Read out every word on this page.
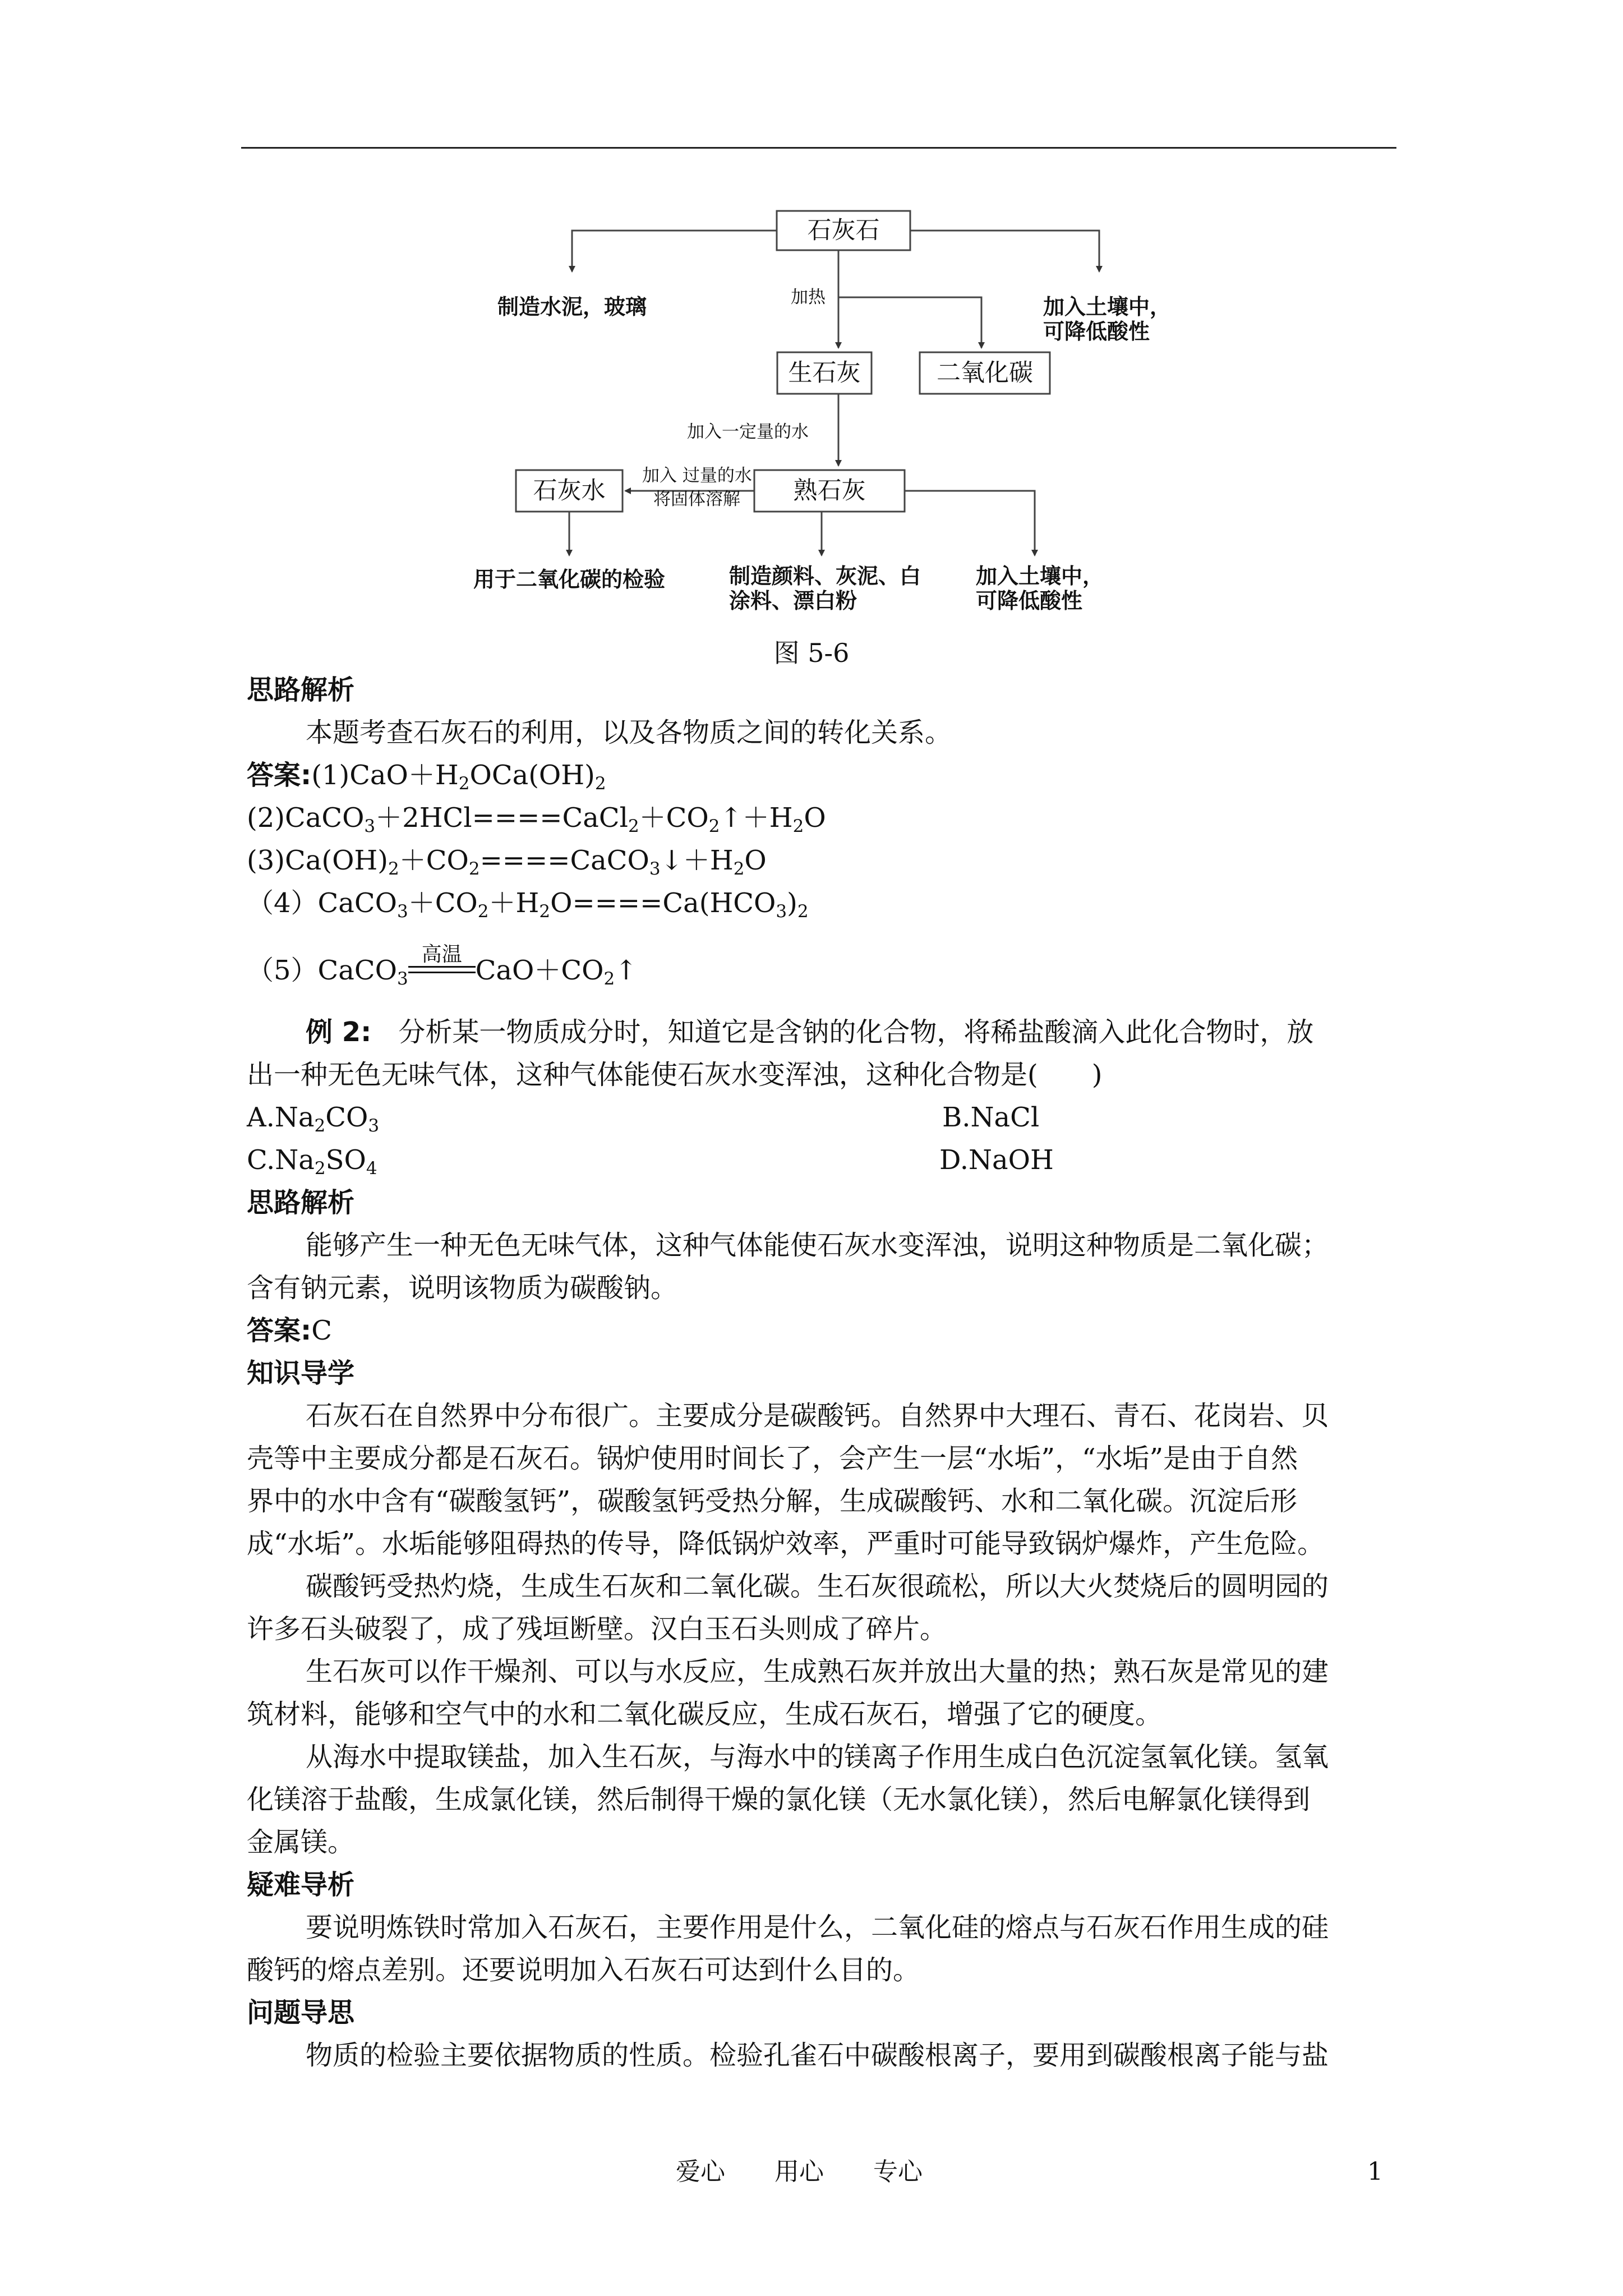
石灰石
加热
制造水泥，玻璃	加入土壤中，
可降低酸性
生石灰	二氧化碳
加入一定量的水
加入 过量的水
将固体溶解
石灰水	熟石灰
用于二氧化碳的检验	制造颜料、灰泥、白
涂料、漂白粉
加入土壤中，
可降低酸性
图 5-6
思路解析
本题考查石灰石的利用，以及各物质之间的转化关系。
答案$:(1)CaO+H_2OCa(OH)_2$
$(2)CaCO_3+2HCl====CaCl_2+CO_2↑+H_2O$
$(3)Ca(OH)_2+CO_2====CaCO_3↓+H_2O$
$(4)CaCO_3+CO_2+H_2O====Ca(HCO_3)_2$
（5）CaCO$_3$
高温
$CaO+CO_2↑$
例 2:　 分析某一物质成分时，知道它是含钠的化合物，将稀盐酸滴入此化合物时，放
出一种无色无味气体，这种气体能使石灰水变浑浊，这种化合物是(　　)
$A.Na_2CO_3$	B.NaCl
$C.Na_2SO_4$	D.NaOH
思路解析
能够产生一种无色无味气体，这种气体能使石灰水变浑浊，说明这种物质是二氧化碳；
含有钠元素，说明该物质为碳酸钠。
答案:C
知识导学
石灰石在自然界中分布很广。主要成分是碳酸钙。自然界中大理石、青石、花岗岩、贝
壳等中主要成分都是石灰石。锅炉使用时间长了，会产生一层“水垢”，“水垢”是由于自然
界中的水中含有“碳酸氢钙”，碳酸氢钙受热分解，生成碳酸钙、水和二氧化碳。沉淀后形
成“水垢”。水垢能够阻碍热的传导，降低锅炉效率，严重时可能导致锅炉爆炸，产生危险。
碳酸钙受热灼烧，生成生石灰和二氧化碳。生石灰很疏松，所以大火焚烧后的圆明园的
许多石头破裂了，成了残垣断壁。汉白玉石头则成了碎片。
生石灰可以作干燥剂、可以与水反应，生成熟石灰并放出大量的热；熟石灰是常见的建
筑材料，能够和空气中的水和二氧化碳反应，生成石灰石，增强了它的硬度。
从海水中提取镁盐，加入生石灰，与海水中的镁离子作用生成白色沉淀氢氧化镁。氢氧
化镁溶于盐酸，生成氯化镁，然后制得干燥的氯化镁（无水氯化镁），然后电解氯化镁得到
金属镁。
疑难导析
要说明炼铁时常加入石灰石，主要作用是什么，二氧化硅的熔点与石灰石作用生成的硅
酸钙的熔点差别。还要说明加入石灰石可达到什么目的。
问题导思
物质的检验主要依据物质的性质。检验孔雀石中碳酸根离子，要用到碳酸根离子能与盐
爱心　　用心　　专心	1
